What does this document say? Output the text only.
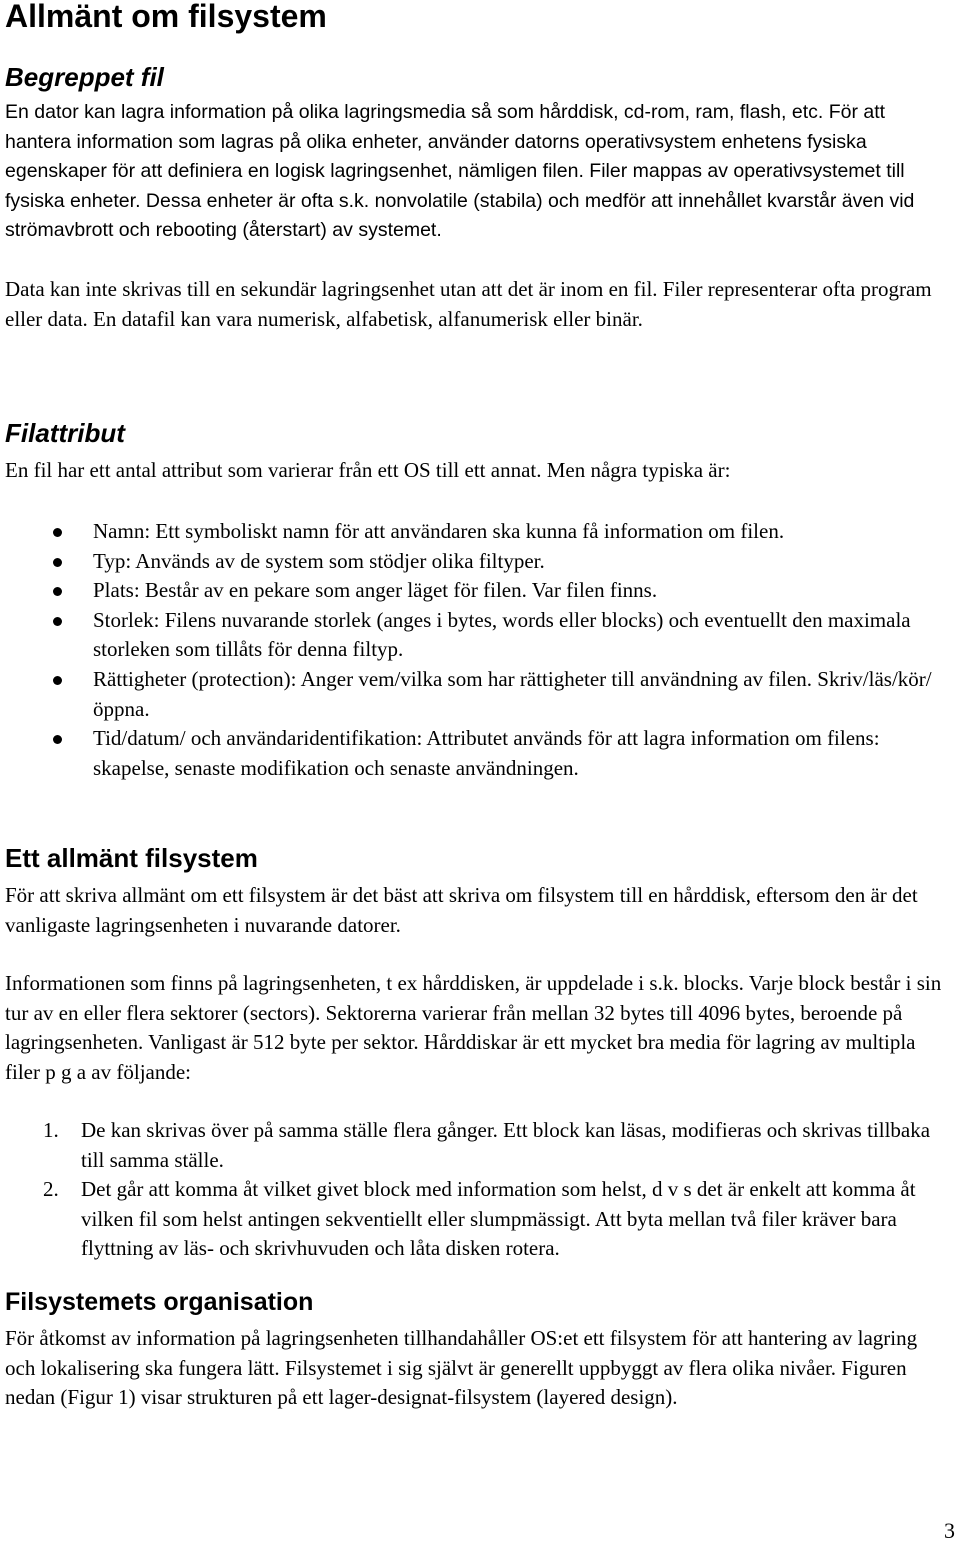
Allmänt om filsystem
Begreppet fil

En dator kan lagra information på olika lagringsmedia så som hårddisk, cd-rom, ram, flash, etc. För att hantera information som lagras på olika enheter, använder datorns operativsystem enhetens fysiska egenskaper för att definiera en logisk lagringsenhet, nämligen filen. Filer mappas av operativsystemet till fysiska enheter. Dessa enheter är ofta s.k. nonvolatile (stabila) och medför att innehållet kvarstår även vid strömavbrott och rebooting (återstart) av systemet.

Data kan inte skrivas till en sekundär lagringsenhet utan att det är inom en fil. Filer representerar ofta program eller data. En datafil kan vara numerisk, alfabetisk, alfanumerisk eller binär.

Filattribut

En fil har ett antal attribut som varierar från ett OS till ett annat. Men några typiska är:

Namn: Ett symboliskt namn för att användaren ska kunna få information om filen.
Typ: Används av de system som stödjer olika filtyper.
Plats: Består av en pekare som anger läget för filen. Var filen finns.
Storlek: Filens nuvarande storlek (anges i bytes, words eller blocks) och eventuellt den maximala storleken som tillåts för denna filtyp.
Rättigheter (protection): Anger vem/vilka som har rättigheter till användning av filen. Skriv/läs/kör/öppna.
Tid/datum/ och användaridentifikation: Attributet används för att lagra information om filens: skapelse, senaste modifikation och senaste användningen.
Ett allmänt filsystem

För att skriva allmänt om ett filsystem är det bäst att skriva om filsystem till en hårddisk, eftersom den är det vanligaste lagringsenheten i nuvarande datorer.

Informationen som finns på lagringsenheten, t ex hårddisken, är uppdelade i s.k. blocks. Varje block består i sin tur av en eller flera sektorer (sectors). Sektorerna varierar från mellan 32 bytes till 4096 bytes, beroende på lagringsenheten. Vanligast är 512 byte per sektor. Hårddiskar är ett mycket bra media för lagring av multipla filer p g a av följande:

1. De kan skrivas över på samma ställe flera gånger. Ett block kan läsas, modifieras och skrivas tillbaka till samma ställe.
2. Det går att komma åt vilket givet block med information som helst, d v s det är enkelt att komma åt vilken fil som helst antingen sekventiellt eller slumpmässigt. Att byta mellan två filer kräver bara flyttning av läs- och skrivhuvuden och låta disken rotera.
Filsystemets organisation

För åtkomst av information på lagringsenheten tillhandahåller OS:et ett filsystem för att hantering av lagring och lokalisering ska fungera lätt. Filsystemet i sig självt är generellt uppbyggt av flera olika nivåer. Figuren nedan (Figur 1) visar strukturen på ett lager-designat-filsystem (layered design).

3
